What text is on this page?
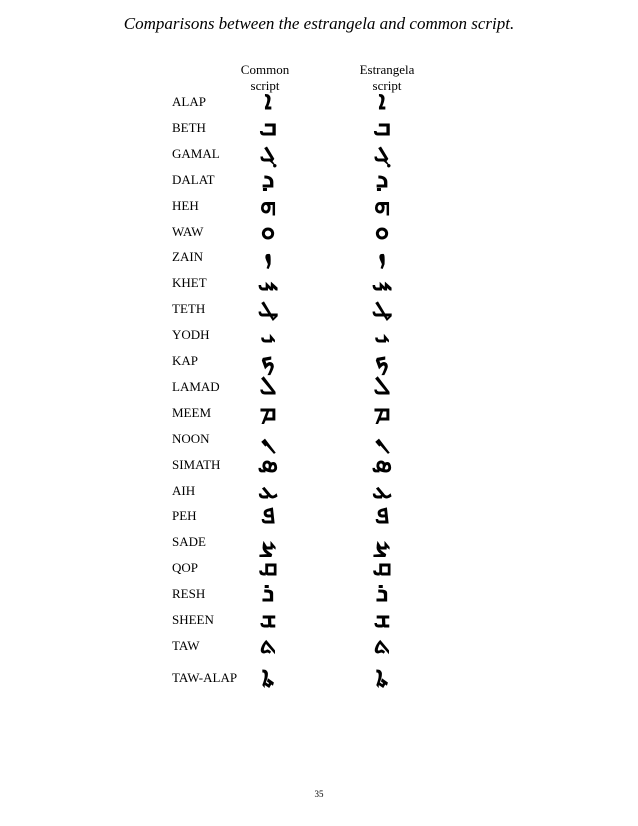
Comparisons between the estrangela and common script.
Common script
Estrangela script
ALAP	ܐ	ܐ
BETH	ܒ	ܒ
GAMAL	ܓ	ܓ
DALAT	ܕ	ܕ
HEH	ܗ	ܗ
WAW	ܘ	ܘ
ZAIN	ܙ	ܙ
KHET	ܚ	ܚ
TETH	ܛ	ܛ
YODH	ܝ	ܝ
KAP	ܟ	ܟ
LAMAD	ܠ	ܠ
MEEM	ܡ	ܡ
NOON	ܢ	ܢ
SIMATH	ܣ	ܣ
AIH	ܥ	ܥ
PEH	ܦ	ܦ
SADE	ܨ	ܨ
QOP	ܩ	ܩ
RESH	ܪ	ܪ
SHEEN	ܫ	ܫ
TAW	ܬ	ܬ
TAW-ALAP ܬܐ	ܬܐ
35
